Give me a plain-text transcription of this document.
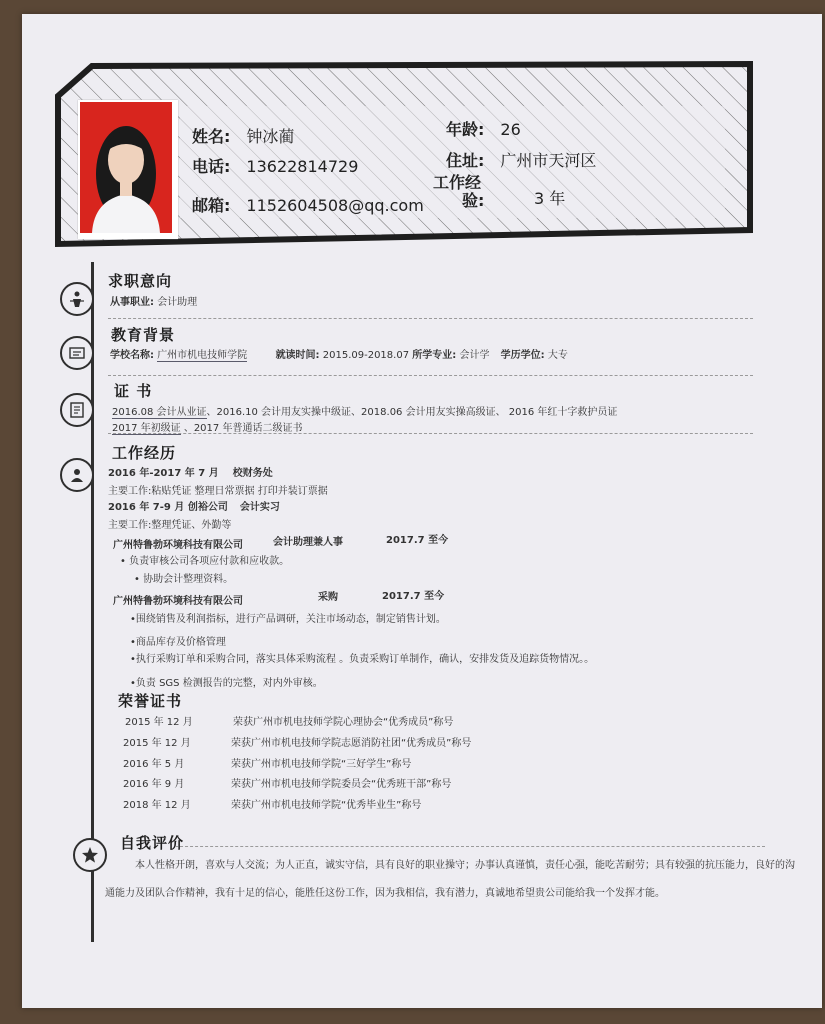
姓名: 钟冰蔺	年龄: 26
电话: 13622814729	住址: 广州市天河区
邮箱: 1152604508@qq.com
工作经
验:	3 年
求职意向
从事职业: 会计助理
教育背景
学校名称: 广州市机电技师学院	就读时间: 2015.09-2018.07 所学专业: 会计学 学历学位: 大专
证 书
2016.08 会计从业证、2016.10 会计用友实操中级证、2018.06 会计用友实操高级证、 2016 年红十字救护员证
2017 年初级证 、2017 年普通话二级证书
工作经历
2016 年-2017 年 7 月 校财务处
主要工作:粘贴凭证 整理日常票据 打印并装订票据
2016 年 7-9 月 创裕公司 会计实习
主要工作:整理凭证、外勤等
广州特鲁勃环境科技有限公司	会计助理兼人事	2017.7 至今
• 负责审核公司各项应付款和应收款。
• 协助会计整理资料。
广州特鲁勃环境科技有限公司	采购	2017.7 至今
•围绕销售及利润指标，进行产品调研，关注市场动态，制定销售计划。
•商品库存及价格管理
•执行采购订单和采购合同，落实具体采购流程 。负责采购订单制作，确认，安排发货及追踪货物情况。。
•负责 SGS 检测报告的完整，对内外审核。
荣誉证书
2015 年 12 月	荣获广州市机电技师学院心理协会“优秀成员”称号
2015 年 12 月	荣获广州市机电技师学院志愿消防社团“优秀成员”称号
2016 年 5 月	荣获广州市机电技师学院“三好学生”称号
2016 年 9 月	荣获广州市机电技师学院委员会“优秀班干部”称号
2018 年 12 月	荣获广州市机电技师学院“优秀毕业生”称号
自我评价
本人性格开朗，喜欢与人交流；为人正直，诚实守信，具有良好的职业操守；办事认真谨慎，责任心强，能吃苦耐劳；具有较强的抗压能力，良好的沟通能力及团队合作精神，我有十足的信心，能胜任这份工作，因为我相信，我有潜力，真诚地希望贵公司能给我一个发挥才能。
